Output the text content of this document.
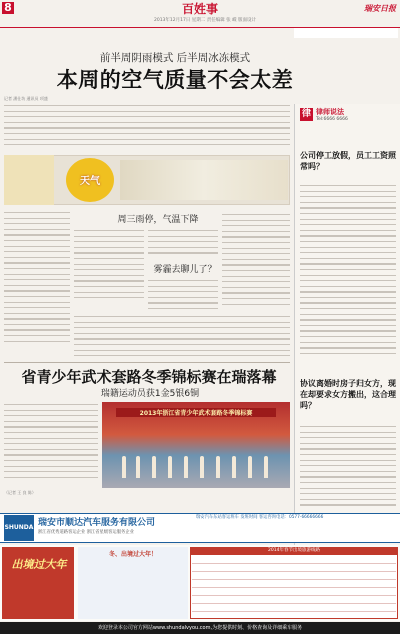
8	百姓事
2013年12月17日 星期二 责任编辑 张 嵘 版面设计
瑞安日报
前半周阴雨模式 后半周冰冻模式
本周的空气质量不会太差
记者 潘仕坊 通讯员 项盛
天气
周三雨停，气温下降
雾霾去聊儿了？
省青少年武术套路冬季锦标赛在瑞落幕
瑞籍运动员获1金5银6铜
（记者 王 良 陈）
2013年浙江省青少年武术套路冬季锦标赛
律 律师说法
Tel:6666 6666
公司停工放假，员工工资照常吗？
协议离婚时房子归女方，现在却要求女方搬出，这合理吗？
SHUNDA 瑞安市顺达汽车服务有限公司
浙江省优秀道路客运企业 浙江省星级客运服务企业
瑞安汽车东站客运班车 发班时间 客运咨询电话：0577-66666666
出境过大年
冬、出境过大年！
2014年春节出境旅游线路
欢迎登录本公司官方网站www.shundalvyou.com,为您提供时刻、价格查询及详细乘车服务
